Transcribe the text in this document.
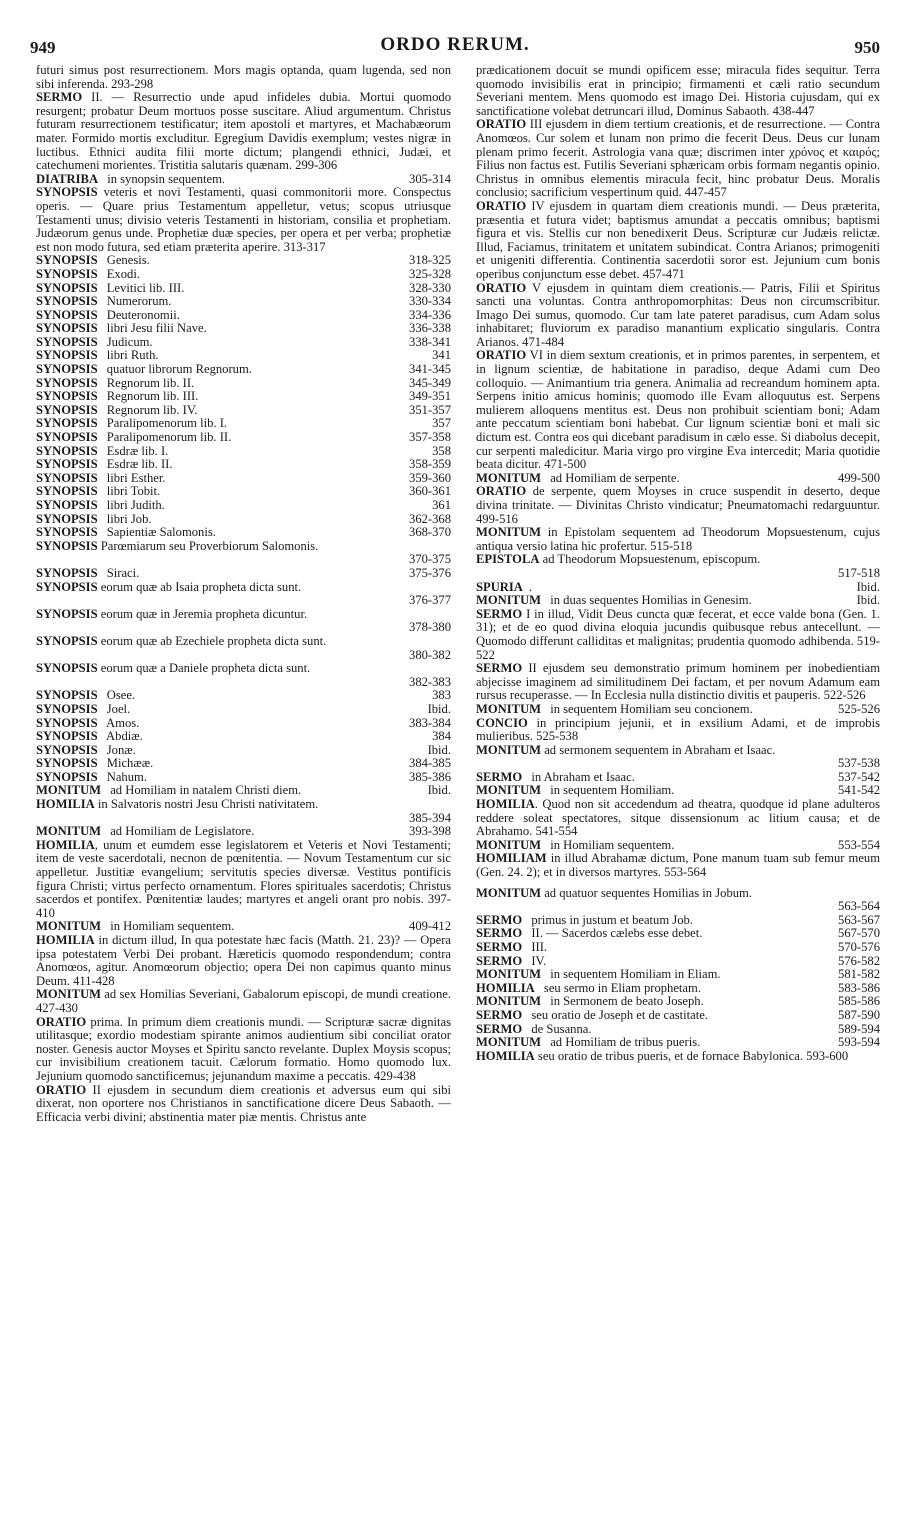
949	ORDO RERUM.	950

futuri simus post resurrectionem. Mors magis optanda, quam lugenda, sed non sibi inferenda. 293-298

SERMO II. — Resurrectio unde apud infideles dubia. Mortui quomodo resurgent; probatur Deum mortuos posse suscitare. Aliud argumentum. Christus futuram resurrectionem testificatur; item apostoli et martyres, et Machabæorum mater. Formido mortis excluditur. Egregium Davidis exemplum; vestes nigræ in luctibus. Ethnici audita filii morte dictum; plangendi ethnici, Judæi, et catechumeni morientes. Tristitia salutaris quænam. 299-306

DIATRIBA in synopsin sequentem.	305-314

SYNOPSIS veteris et novi Testamenti, quasi commonitorii more. Conspectus operis. — Quare prius Testamentum appelletur, vetus; scopus utriusque Testamenti unus; divisio veteris Testamenti in historiam, consilia et prophetiam. Judæorum genus unde. Prophetiæ duæ species, per opera et per verba; prophetiæ est non modo futura, sed etiam præterita aperire. 313-317

SYNOPSIS Genesis.	318-325
SYNOPSIS Exodi.	325-328
SYNOPSIS Levitici lib. III.	328-330
SYNOPSIS Numerorum.	330-334
SYNOPSIS Deuteronomii.	334-336
SYNOPSIS libri Jesu filii Nave.	336-338
SYNOPSIS Judicum.	338-341
SYNOPSIS libri Ruth.	341
SYNOPSIS quatuor librorum Regnorum.	341-345
SYNOPSIS Regnorum lib. II.	345-349
SYNOPSIS Regnorum lib. III.	349-351
SYNOPSIS Regnorum lib. IV.	351-357
SYNOPSIS Paralipomenorum lib. I.	357
SYNOPSIS Paralipomenorum lib. II.	357-358
SYNOPSIS Esdræ lib. I.	358
SYNOPSIS Esdræ lib. II.	358-359
SYNOPSIS libri Esther.	359-360
SYNOPSIS libri Tobit.	360-361
SYNOPSIS libri Judith.	361
SYNOPSIS libri Job.	362-368
SYNOPSIS Sapientiæ Salomonis.	368-370
SYNOPSIS Parœmiarum seu Proverbiorum Salomonis.
370-375
SYNOPSIS Siraci.	375-376
SYNOPSIS eorum quæ ab Isaia propheta dicta sunt.
376-377
SYNOPSIS eorum quæ in Jeremia propheta dicuntur.
378-380
SYNOPSIS eorum quæ ab Ezechiele propheta dicta sunt.
380-382
SYNOPSIS eorum quæ a Daniele propheta dicta sunt.
382-383
SYNOPSIS Osee.	383
SYNOPSIS Joel.	Ibid.
SYNOPSIS Amos.	383-384
SYNOPSIS Abdiæ.	384
SYNOPSIS Jonæ.	Ibid.
SYNOPSIS Michææ.	384-385
SYNOPSIS Nahum.	385-386
MONITUM ad Homiliam in natalem Christi diem.	Ibid.
HOMILIA in Salvatoris nostri Jesu Christi nativitatem.
385-394
MONITUM ad Homiliam de Legislatore.	393-398

HOMILIA, unum et eumdem esse legislatorem et Veteris et Novi Testamenti; item de veste sacerdotali, necnon de pœnitentia. — Novum Testamentum cur sic appelletur. Justitiæ evangelium; servitutis species diversæ. Vestitus pontificis figura Christi; virtus perfecto ornamentum. Flores spirituales sacerdotis; Christus sacerdos et pontifex. Pœnitentiæ laudes; martyres et angeli orant pro nobis. 397-410

MONITUM in Homiliam sequentem.	409-412

HOMILIA in dictum illud, In qua potestate hæc facis (Matth. 21. 23)? — Opera ipsa potestatem Verbi Dei probant. Hæreticis quomodo respondendum; contra Anomœos, agitur. Anomœorum objectio; opera Dei non capimus quanto minus Deum. 411-428

MONITUM ad sex Homilias Severiani, Gabalorum episcopi, de mundi creatione. 427-430

ORATIO prima. In primum diem creationis mundi. — Scripturæ sacræ dignitas utilitasque; exordio modestiam spirante animos audientium sibi conciliat orator noster. Genesis auctor Moyses et Spiritu sancto revelante. Duplex Moysis scopus; cur invisibilium creationem tacuit. Cælorum formatio. Homo quomodo lux. Jejunium quomodo sanctificemus; jejunandum maxime a peccatis. 429-438

ORATIO II ejusdem in secundum diem creationis et adversus eum qui sibi dixerat, non oportere nos Christianos in sanctificatione dicere Deus Sabaoth. — Efficacia verbi divini; abstinentia mater piæ mentis. Christus ante

prædicationem docuit se mundi opificem esse; miracula fides sequitur. Terra quomodo invisibilis erat in principio; firmamenti et cæli ratio secundum Severiani mentem. Mens quomodo est imago Dei. Historia cujusdam, qui ex sanctificatione volebat detruncari illud, Dominus Sabaoth. 438-447

ORATIO III ejusdem in diem tertium creationis, et de resurrectione. — Contra Anomœos. Cur solem et lunam non primo die fecerit Deus. Deus cur lunam plenam primo fecerit. Astrologia vana quæ; discrimen inter χρόνος et καιρός; Filius non factus est. Futilis Severiani sphæricam orbis formam negantis opinio. Christus in omnibus elementis miracula fecit, hinc probatur Deus. Moralis conclusio; sacrificium vespertinum quid. 447-457

ORATIO IV ejusdem in quartam diem creationis mundi. — Deus præterita, præsentia et futura videt; baptismus amundat a peccatis omnibus; baptismi figura et vis. Stellis cur non benedixerit Deus. Scripturæ cur Judæis relictæ. Illud, Faciamus, trinitatem et unitatem subindicat. Contra Arianos; primogeniti et unigeniti differentia. Continentia sacerdotii soror est. Jejunium cum bonis operibus conjunctum esse debet. 457-471

ORATIO V ejusdem in quintam diem creationis.— Patris, Filii et Spiritus sancti una voluntas. Contra anthropomorphitas: Deus non circumscribitur. Imago Dei sumus, quomodo. Cur tam late pateret paradisus, cum Adam solus inhabitaret; fluviorum ex paradiso manantium explicatio singularis. Contra Arianos. 471-484

ORATIO VI in diem sextum creationis, et in primos parentes, in serpentem, et in lignum scientiæ, de habitatione in paradiso, deque Adami cum Deo colloquio. — Animantium tria genera. Animalia ad recreandum hominem apta. Serpens initio amicus hominis; quomodo ille Evam alloquutus est. Serpens mulierem alloquens mentitus est. Deus non prohibuit scientiam boni; Adam ante peccatum scientiam boni habebat. Cur lignum scientiæ boni et mali sic dictum est. Contra eos qui dicebant paradisum in cælo esse. Si diabolus decepit, cur serpenti maledicitur. Maria virgo pro virgine Eva intercedit; Maria quotidie beata dicitur. 471-500

MONITUM ad Homiliam de serpente.	499-500

ORATIO de serpente, quem Moyses in cruce suspendit in deserto, deque divina trinitate. — Divinitas Christo vindicatur; Pneumatomachi redarguuntur. 499-516

MONITUM in Epistolam sequentem ad Theodorum Mopsuestenum, cujus antiqua versio latina hic profertur. 515-518

EPISTOLA ad Theodorum Mopsuestenum, episcopum.
517-518
SPURIA .	Ibid.
MONITUM in duas sequentes Homilias in Genesim.	Ibid.

SERMO I in illud, Vidit Deus cuncta quæ fecerat, et ecce valde bona (Gen. 1. 31); et de eo quod divina eloquia jucundis quibusque rebus antecellunt. — Quomodo differunt calliditas et malignitas; prudentia quomodo adhibenda. 519-522

SERMO II ejusdem seu demonstratio primum hominem per inobedientiam abjecisse imaginem ad similitudinem Dei factam, et per novum Adamum eam rursus recuperasse. — In Ecclesia nulla distinctio divitis et pauperis. 522-526

MONITUM in sequentem Homiliam seu concionem.	525-526

CONCIO in principium jejunii, et in exsilium Adami, et de improbis mulieribus. 525-538

MONITUM ad sermonem sequentem in Abraham et Isaac.
537-538
SERMO in Abraham et Isaac.	537-542
MONITUM in sequentem Homiliam.	541-542

HOMILIA. Quod non sit accedendum ad theatra, quodque id plane adulteros reddere soleat spectatores, sitque dissensionum ac litium causa; et de Abrahamo. 541-554

MONITUM in Homiliam sequentem.	553-554

HOMILIAM in illud Abrahamæ dictum, Pone manum tuam sub femur meum (Gen. 24. 2); et in diversos martyres. 553-564

MONITUM ad quatuor sequentes Homilias in Jobum.
563-564
SERMO primus in justum et beatum Job.	563-567
SERMO II. — Sacerdos cælebs esse debet.	567-570
SERMO III.	570-576
SERMO IV.	576-582
MONITUM in sequentem Homiliam in Eliam.	581-582
HOMILIA seu sermo in Eliam prophetam.	583-586
MONITUM in Sermonem de beato Joseph.	585-586
SERMO seu oratio de Joseph et de castitate.	587-590
SERMO de Susanna.	589-594
MONITUM ad Homiliam de tribus pueris.	593-594

HOMILIA seu oratio de tribus pueris, et de fornace Babylonica. 593-600
